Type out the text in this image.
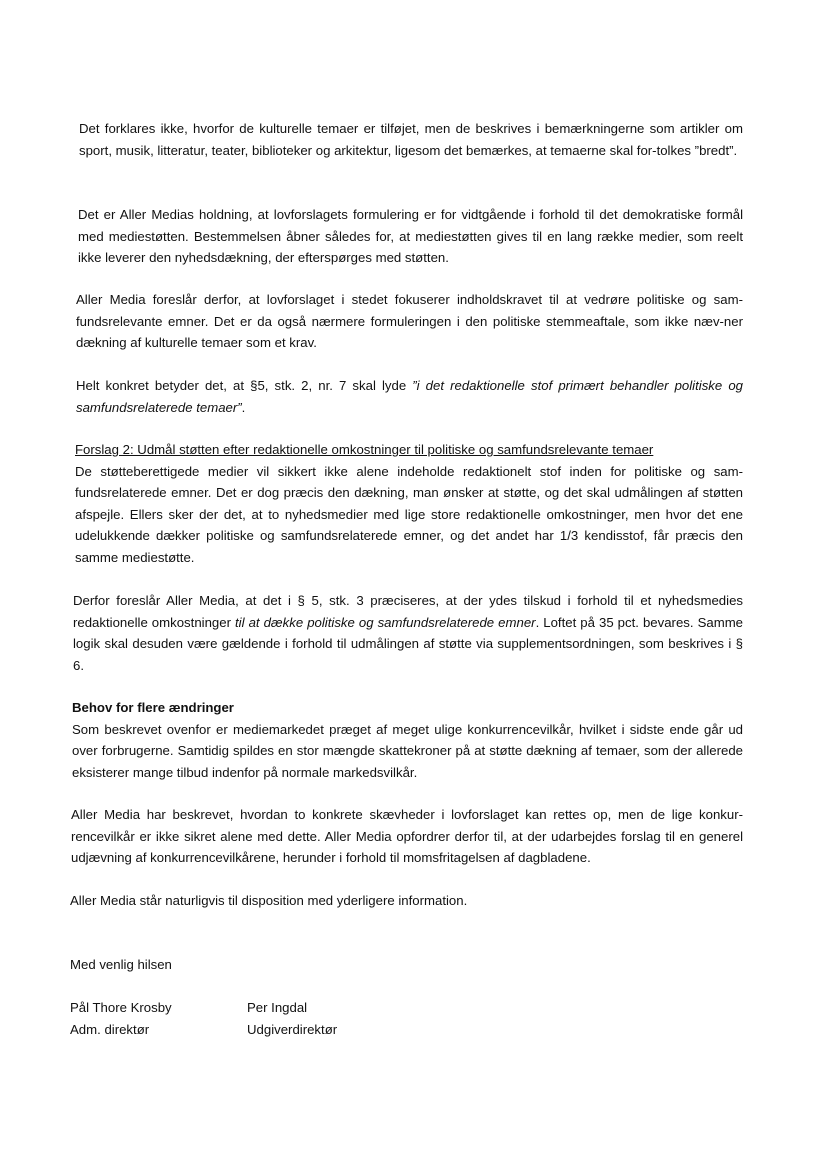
Det forklares ikke, hvorfor de kulturelle temaer er tilføjet, men de beskrives i bemærkningerne som artikler om sport, musik, litteratur, teater, biblioteker og arkitektur, ligesom det bemærkes, at temaerne skal for-tolkes ”bredt”.

Det er Aller Medias holdning, at lovforslagets formulering er for vidtgående i forhold til det demokratiske formål med mediestøtten. Bestemmelsen åbner således for, at mediestøtten gives til en lang række medier, som reelt ikke leverer den nyhedsdækning, der efterspørges med støtten.

Aller Media foreslår derfor, at lovforslaget i stedet fokuserer indholdskravet til at vedrøre politiske og sam-fundsrelevante emner. Det er da også nærmere formuleringen i den politiske stemmeaftale, som ikke næv-ner dækning af kulturelle temaer som et krav.

Helt konkret betyder det, at §5, stk. 2, nr. 7 skal lyde ”i det redaktionelle stof primært behandler politiske og samfundsrelaterede temaer”.

Forslag 2: Udmål støtten efter redaktionelle omkostninger til politiske og samfundsrelevante temaer

De støtteberettigede medier vil sikkert ikke alene indeholde redaktionelt stof inden for politiske og sam-fundsrelaterede emner. Det er dog præcis den dækning, man ønsker at støtte, og det skal udmålingen af støtten afspejle. Ellers sker der det, at to nyhedsmedier med lige store redaktionelle omkostninger, men hvor det ene udelukkende dækker politiske og samfundsrelaterede emner, og det andet har 1/3 kendisstof, får præcis den samme mediestøtte.

Derfor foreslår Aller Media, at det i § 5, stk. 3 præciseres, at der ydes tilskud i forhold til et nyhedsmedies redaktionelle omkostninger til at dække politiske og samfundsrelaterede emner. Loftet på 35 pct. bevares. Samme logik skal desuden være gældende i forhold til udmålingen af støtte via supplementsordningen, som beskrives i § 6.

Behov for flere ændringer

Som beskrevet ovenfor er mediemarkedet præget af meget ulige konkurrencevilkår, hvilket i sidste ende går ud over forbrugerne. Samtidig spildes en stor mængde skattekroner på at støtte dækning af temaer, som der allerede eksisterer mange tilbud indenfor på normale markedsvilkår.

Aller Media har beskrevet, hvordan to konkrete skævheder i lovforslaget kan rettes op, men de lige konkur-rencevilkår er ikke sikret alene med dette. Aller Media opfordrer derfor til, at der udarbejdes forslag til en generel udjævning af konkurrencevilkårene, herunder i forhold til momsfritagelsen af dagbladene.

Aller Media står naturligvis til disposition med yderligere information.

Med venlig hilsen

Pål Thore Krosby

Adm. direktør

Per Ingdal

Udgiverdirektør
